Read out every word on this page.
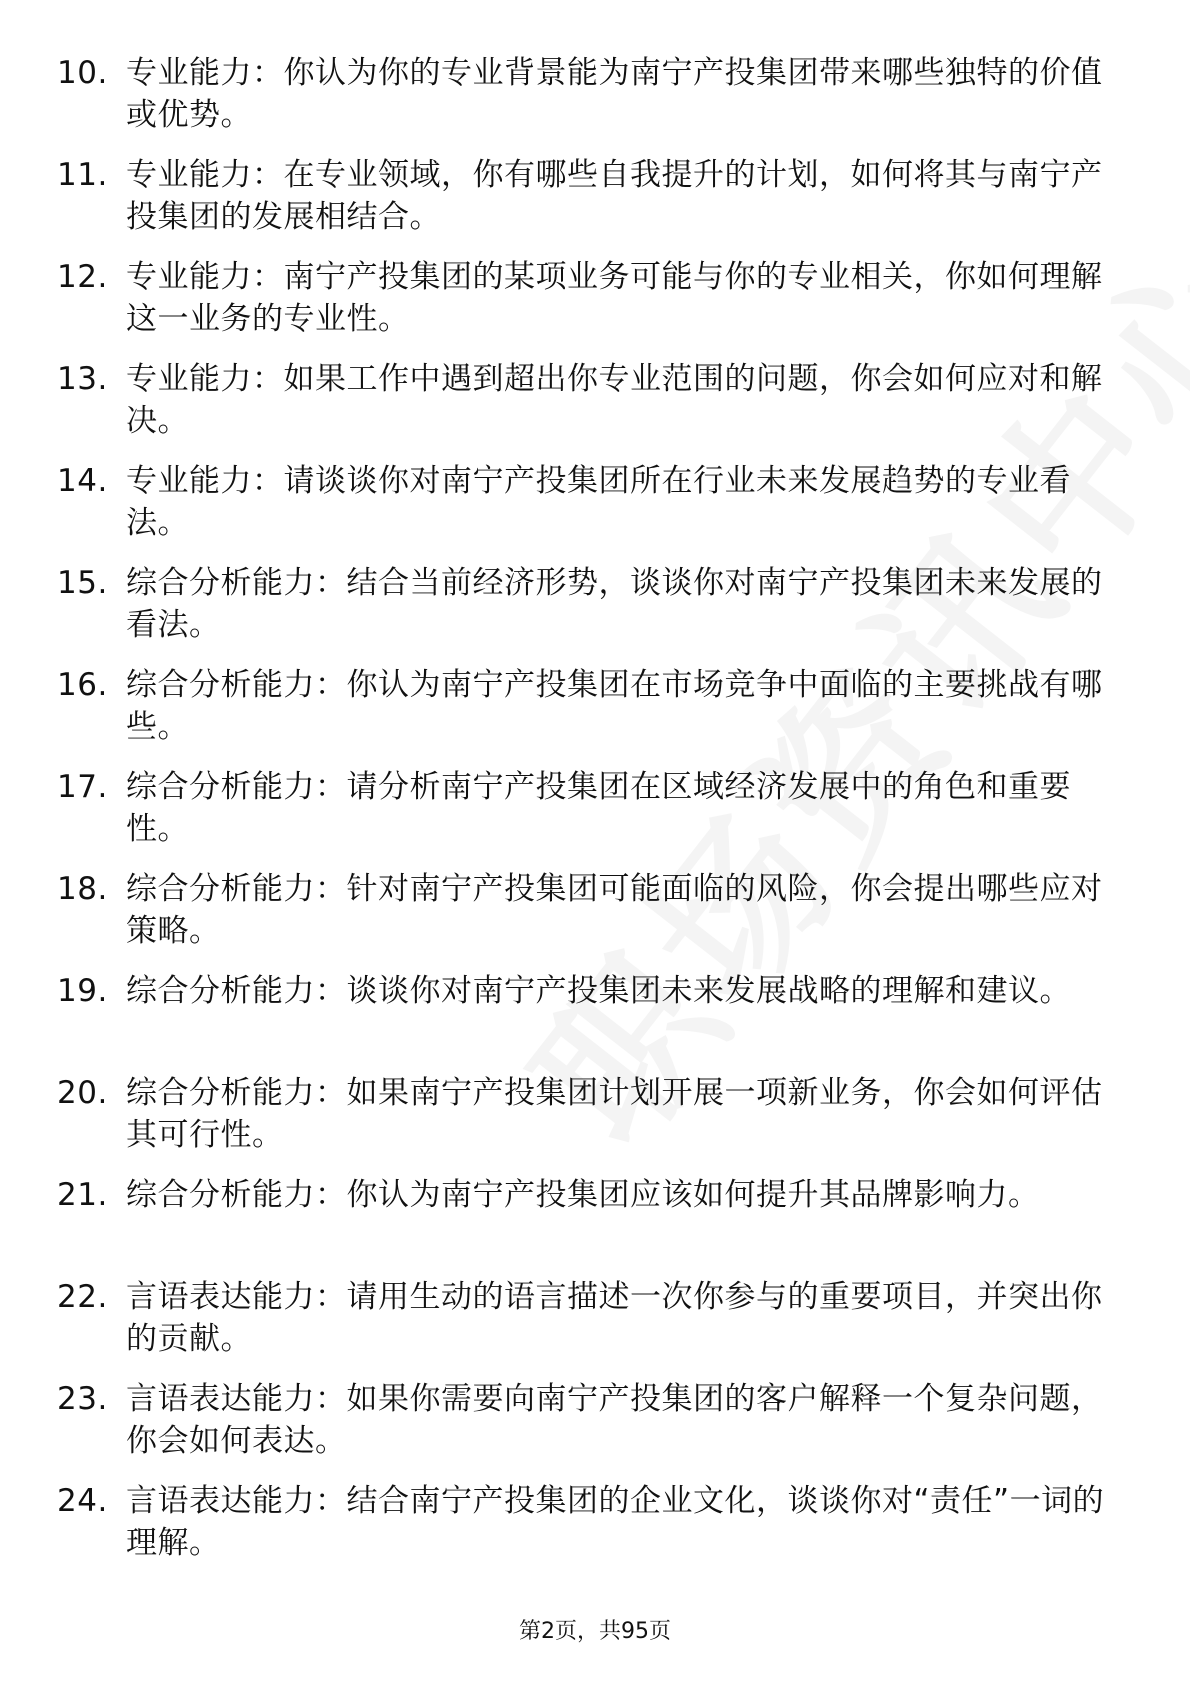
10. 专业能力：你认为你的专业背景能为南宁产投集团带来哪些独特的价值或优势。
11. 专业能力：在专业领域，你有哪些自我提升的计划，如何将其与南宁产投集团的发展相结合。
12. 专业能力：南宁产投集团的某项业务可能与你的专业相关，你如何理解这一业务的专业性。
13. 专业能力：如果工作中遇到超出你专业范围的问题，你会如何应对和解决。
14. 专业能力：请谈谈你对南宁产投集团所在行业未来发展趋势的专业看法。
15. 综合分析能力：结合当前经济形势，谈谈你对南宁产投集团未来发展的看法。
16. 综合分析能力：你认为南宁产投集团在市场竞争中面临的主要挑战有哪些。
17. 综合分析能力：请分析南宁产投集团在区域经济发展中的角色和重要性。
18. 综合分析能力：针对南宁产投集团可能面临的风险，你会提出哪些应对策略。
19. 综合分析能力：谈谈你对南宁产投集团未来发展战略的理解和建议。
20. 综合分析能力：如果南宁产投集团计划开展一项新业务，你会如何评估其可行性。
21. 综合分析能力：你认为南宁产投集团应该如何提升其品牌影响力。
22. 言语表达能力：请用生动的语言描述一次你参与的重要项目，并突出你的贡献。
23. 言语表达能力：如果你需要向南宁产投集团的客户解释一个复杂问题，你会如何表达。
24. 言语表达能力：结合南宁产投集团的企业文化，谈谈你对“责任”一词的理解。
第2页，共95页
